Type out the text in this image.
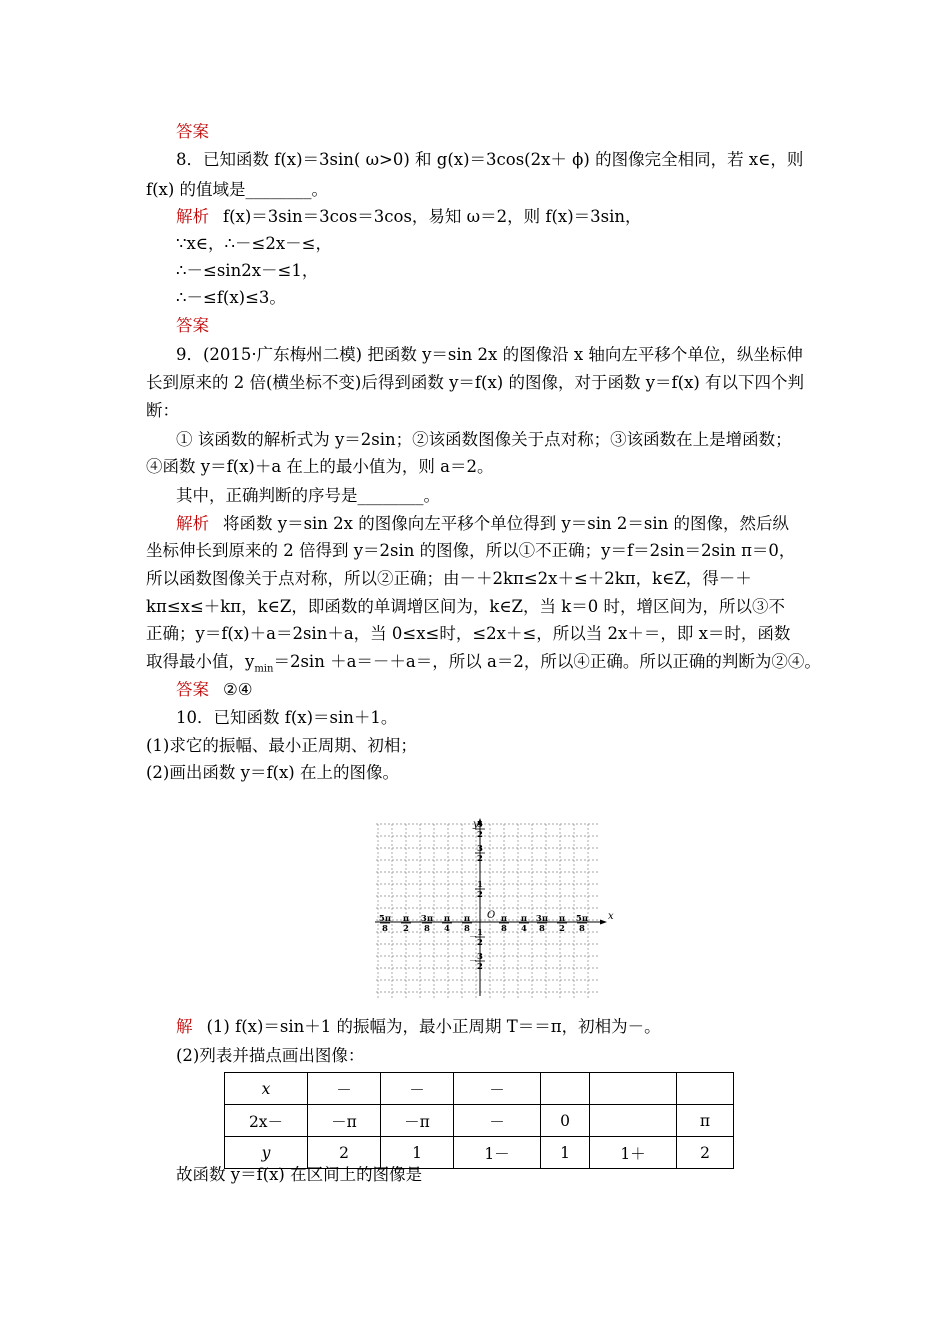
答案
8．已知函数 f(x)＝3sin( ω>0) 和 g(x)＝3cos(2x＋ ϕ) 的图像完全相同，若 x∈，则
f(x) 的值域是________。
解析 f(x)＝3sin＝3cos＝3cos，易知 ω＝2，则 f(x)＝3sin，
∵x∈，∴－≤2x－≤，
∴－≤sin2x－≤1，
∴－≤f(x)≤3。
答案
9．(2015·广东梅州二模) 把函数 y＝sin 2x 的图像沿 x 轴向左平移个单位，纵坐标伸
长到原来的 2 倍(横坐标不变)后得到函数 y＝f(x) 的图像，对于函数 y＝f(x) 有以下四个判
断：
① 该函数的解析式为 y＝2sin；②该函数图像关于点对称；③该函数在上是增函数；
④函数 y＝f(x)＋a 在上的最小值为，则 a＝2。
其中，正确判断的序号是________。
解析 将函数 y＝sin 2x 的图像向左平移个单位得到 y＝sin 2＝sin 的图像，然后纵
坐标伸长到原来的 2 倍得到 y＝2sin 的图像，所以①不正确；y＝f＝2sin＝2sin π＝0，
所以函数图像关于点对称，所以②正确；由－＋2kπ≤2x＋≤＋2kπ，k∈Z，得－＋
kπ≤x≤＋kπ，k∈Z，即函数的单调增区间为，k∈Z，当 k＝0 时，增区间为，所以③不
正确；y＝f(x)＋a＝2sin＋a，当 0≤x≤时，≤2x＋≤，所以当 2x＋＝，即 x＝时，函数
取得最小值，$y_{min}=2\sin +a=-+a=$，所以 a＝2，所以④正确。所以正确的判断为②④。
答案 ②④
10．已知函数 f(x)＝sin＋1。
(1)求它的振幅、最小正周期、初相；
(2)画出函数 y＝f(x) 在上的图像。
x
y
O
5
2
3
2
1
2
－ 1
2
－ 3
2
5π
8
π
2
3π
8
π
4
π
8
π
8
π
4
3π
8
π
2
5π
8
解 (1) f(x)＝sin＋1 的振幅为，最小正周期 T＝＝π，初相为－。
(2)列表并描点画出图像：
x	－	－	－			
2x－	－π	－π	－	0		π
y	2	1	1－	1	1＋	2
故函数 y＝f(x) 在区间上的图像是
